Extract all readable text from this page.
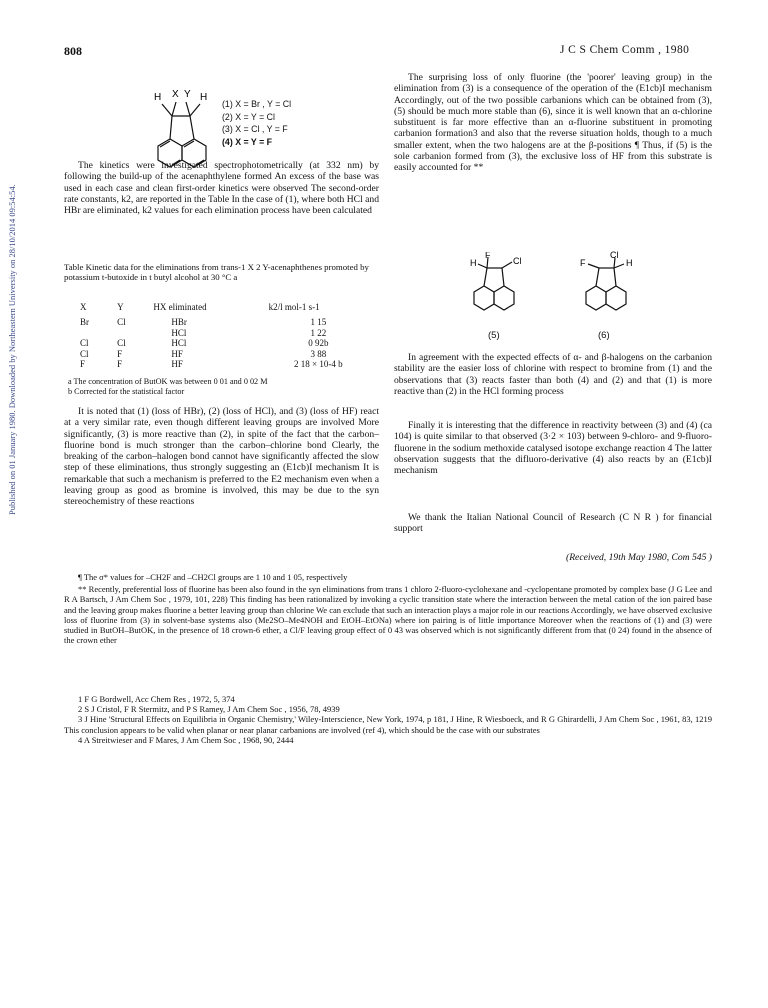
Published on 01 January 1980. Downloaded by Northeastern University on 28/10/2014 09:54:54.
808	J C S Chem Comm , 1980
H X Y H
(1) X = Br , Y = Cl
(2) X = Y = Cl
(3) X = Cl , Y = F
(4) X = Y = F

The kinetics were investigated spectrophotometrically (at 332 nm) by following the build-up of the acenaphthylene formed An excess of the base was used in each case and clean first-order kinetics were observed The second-order rate constants, k2, are reported in the Table In the case of (1), where both HCl and HBr are eliminated, k2 values for each elimination process have been calculated

Table Kinetic data for the eliminations from trans-1 X 2 Y-acenaphthenes promoted by potassium t-butoxide in t butyl alcohol at 30 °C a
X	Y	HX eliminated	k2/l mol-1 s-1

Br	Cl	HBr	1 15
		HCl	1 22
Cl	Cl	HCl	0 92b
Cl	F	HF	3 88
F	F	HF	2 18 × 10-4 b
a The concentration of ButOK was between 0 01 and 0 02 M
b Corrected for the statistical factor

It is noted that (1) (loss of HBr), (2) (loss of HCl), and (3) (loss of HF) react at a very similar rate, even though different leaving groups are involved More significantly, (3) is more reactive than (2), in spite of the fact that the carbon–fluorine bond is much stronger than the carbon–chlorine bond Clearly, the breaking of the carbon–halogen bond cannot have significantly affected the slow step of these eliminations, thus strongly suggesting an (E1cb)I mechanism It is remarkable that such a mechanism is preferred to the E2 mechanism even when a leaving group as good as bromine is involved, this may be due to the syn stereochemistry of these reactions

The surprising loss of only fluorine (the 'poorer' leaving group) in the elimination from (3) is a consequence of the operation of the (E1cb)I mechanism Accordingly, out of the two possible carbanions which can be obtained from (3), (5) should be much more stable than (6), since it is well known that an α-chlorine substituent is far more effective than an α-fluorine substituent in promoting carbanion formation3 and also that the reverse situation holds, though to a much smaller extent, when the two halogens are at the β-positions ¶ Thus, if (5) is the sole carbanion formed from (3), the exclusive loss of HF from this substrate is easily accounted for **

H
F
Cl
(5)
Cl
F	H
(6)

In agreement with the expected effects of α- and β-halogens on the carbanion stability are the easier loss of chlorine with respect to bromine from (1) and the observations that (3) reacts faster than both (4) and (2) and that (1) is more reactive than (2) in the HCl forming process

Finally it is interesting that the difference in reactivity between (3) and (4) (ca 104) is quite similar to that observed (3·2 × 103) between 9-chloro- and 9-fluoro-fluorene in the sodium methoxide catalysed isotope exchange reaction 4 The latter observation suggests that the difluoro-derivative (4) also reacts by an (E1cb)I mechanism

We thank the Italian National Council of Research (C N R ) for financial support

(Received, 19th May 1980, Com 545 )

¶ The σ* values for –CH2F and –CH2Cl groups are 1 10 and 1 05, respectively

** Recently, preferential loss of fluorine has been also found in the syn eliminations from trans 1 chloro 2-fluoro-cyclohexane and -cyclopentane promoted by complex base (J G Lee and R A Bartsch, J Am Chem Soc , 1979, 101, 228) This finding has been rationalized by invoking a cyclic transition state where the interaction between the metal cation of the ion paired base and the leaving group makes fluorine a better leaving group than chlorine We can exclude that such an interaction plays a major role in our reactions Accordingly, we have observed exclusive loss of fluorine from (3) in solvent-base systems also (Me2SO–Me4NOH and EtOH–EtONa) where ion pairing is of little importance Moreover when the reactions of (1) and (3) were studied in ButOH–ButOK, in the presence of 18 crown-6 ether, a Cl/F leaving group effect of 0 43 was observed which is not significantly different from that (0 24) found in the absence of the crown ether

1 F G Bordwell, Acc Chem Res , 1972, 5, 374

2 S J Cristol, F R Stermitz, and P S Ramey, J Am Chem Soc , 1956, 78, 4939

3 J Hine 'Structural Effects on Equilibria in Organic Chemistry,' Wiley-Interscience, New York, 1974, p 181, J Hine, R Wiesboeck, and R G Ghirardelli, J Am Chem Soc , 1961, 83, 1219 This conclusion appears to be valid when planar or near planar carbanions are involved (ref 4), which should be the case with our substrates

4 A Streitwieser and F Mares, J Am Chem Soc , 1968, 90, 2444
